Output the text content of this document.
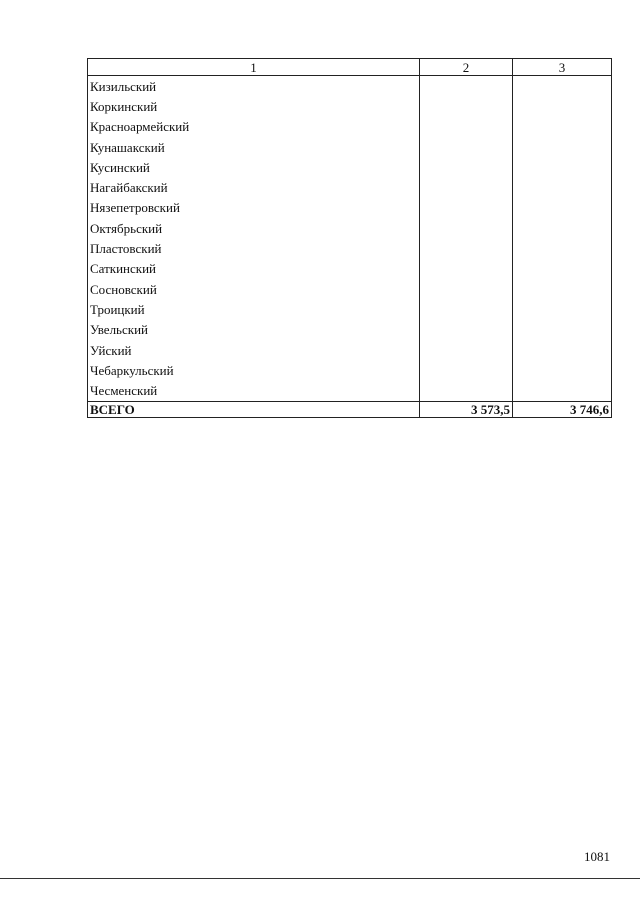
1	2	3
Кизильский		
Коркинский		
Красноармейский		
Кунашакский		
Кусинский		
Нагайбакский		
Нязепетровский		
Октябрьский		
Пластовский		
Саткинский		
Сосновский		
Троицкий		
Увельский		
Уйский		
Чебаркульский		
Чесменский		
ВСЕГО	3 573,5	3 746,6
1081
